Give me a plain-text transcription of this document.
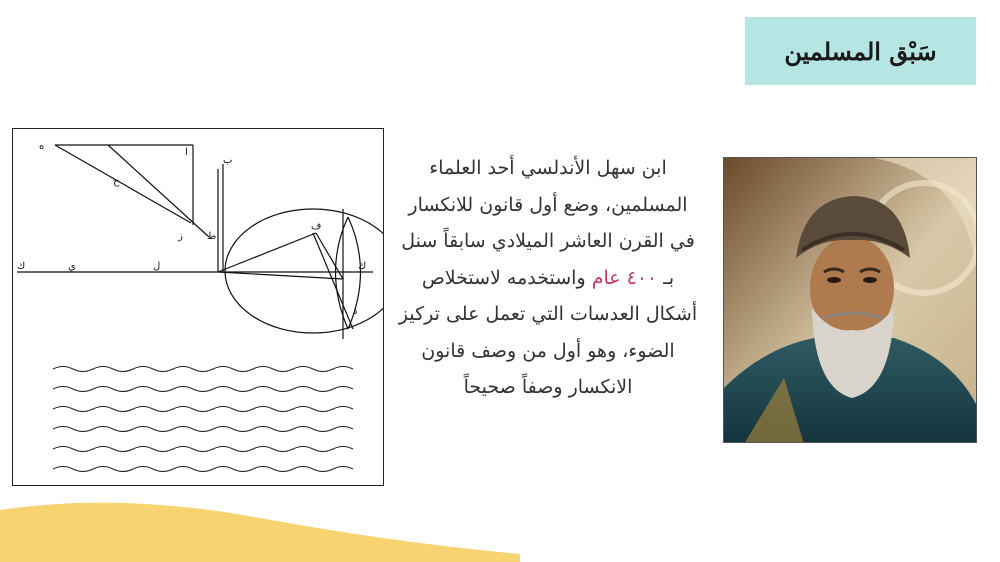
سَبْق المسلمين
ه
ح
ا
ز ط
ب
ك	ي	ل	ك
ف
ذ
ابن سهل الأندلسي أحد العلماء المسلمين، وضع أول قانون للانكسار في القرن العاشر الميلادي سابقاً سنل بـ ٤٠٠ عام واستخدمه لاستخلاص أشكال العدسات التي تعمل على تركيز الضوء، وهو أول من وصف قانون الانكسار وصفاً صحيحاً
